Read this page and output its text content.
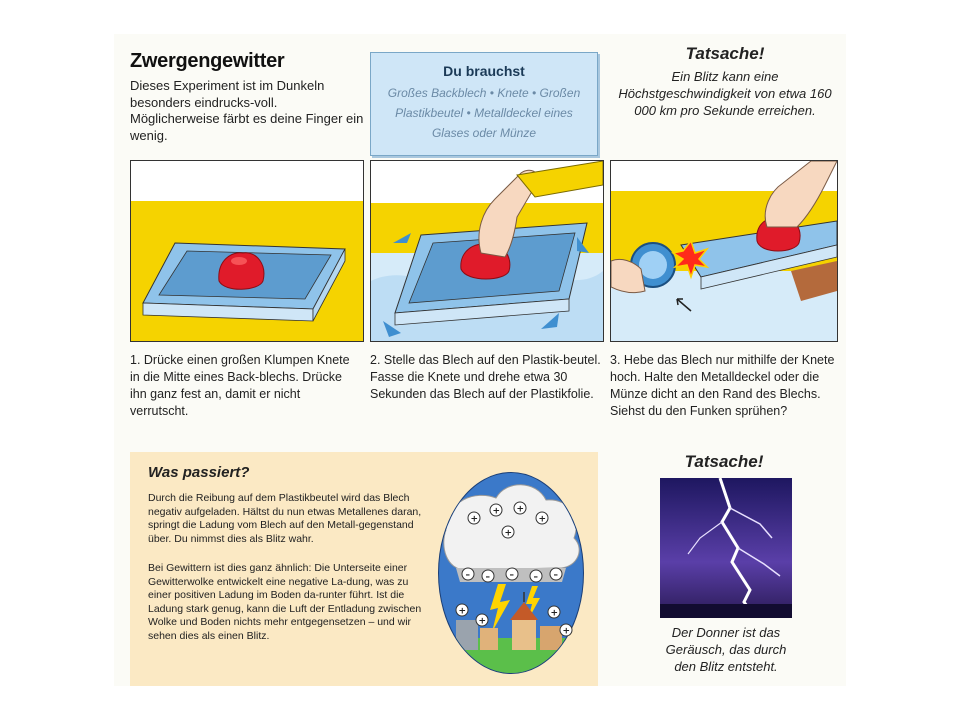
Zwergengewitter
Dieses Experiment ist im Dunkeln besonders eindrucks-voll. Möglicherweise färbt es deine Finger ein wenig.
Du brauchst
Großes Backblech • Knete • Großen Plastikbeutel • Metalldeckel eines Glases oder Münze
Tatsache!
Ein Blitz kann eine Höchstgeschwindigkeit von etwa 160 000 km pro Sekunde erreichen.
1. Drücke einen großen Klumpen Knete in die Mitte eines Back-blechs. Drücke ihn ganz fest an, damit er nicht verrutscht.
2. Stelle das Blech auf den Plastik-beutel. Fasse die Knete und drehe etwa 30 Sekunden das Blech auf der Plastikfolie.
3. Hebe das Blech nur mithilfe der Knete hoch. Halte den Metalldeckel oder die Münze dicht an den Rand des Blechs. Siehst du den Funken sprühen?
Was passiert?
Durch die Reibung auf dem Plastikbeutel wird das Blech negativ aufgeladen. Hältst du nun etwas Metallenes daran, springt die Ladung vom Blech auf den Metall-gegenstand über. Du nimmst dies als Blitz wahr.
Bei Gewittern ist dies ganz ähnlich: Die Unterseite einer Gewitterwolke entwickelt eine negative La-dung, was zu einer positiven Ladung im Boden da-runter führt. Ist die Ladung stark genug, kann die Luft der Entladung zwischen Wolke und Boden nichts mehr entgegensetzen – und wir sehen dies als einen Blitz.
+
+ +
+
+
– – – – –
+
+
+
+
Tatsache!
Der Donner ist das Geräusch, das durch den Blitz entsteht.
